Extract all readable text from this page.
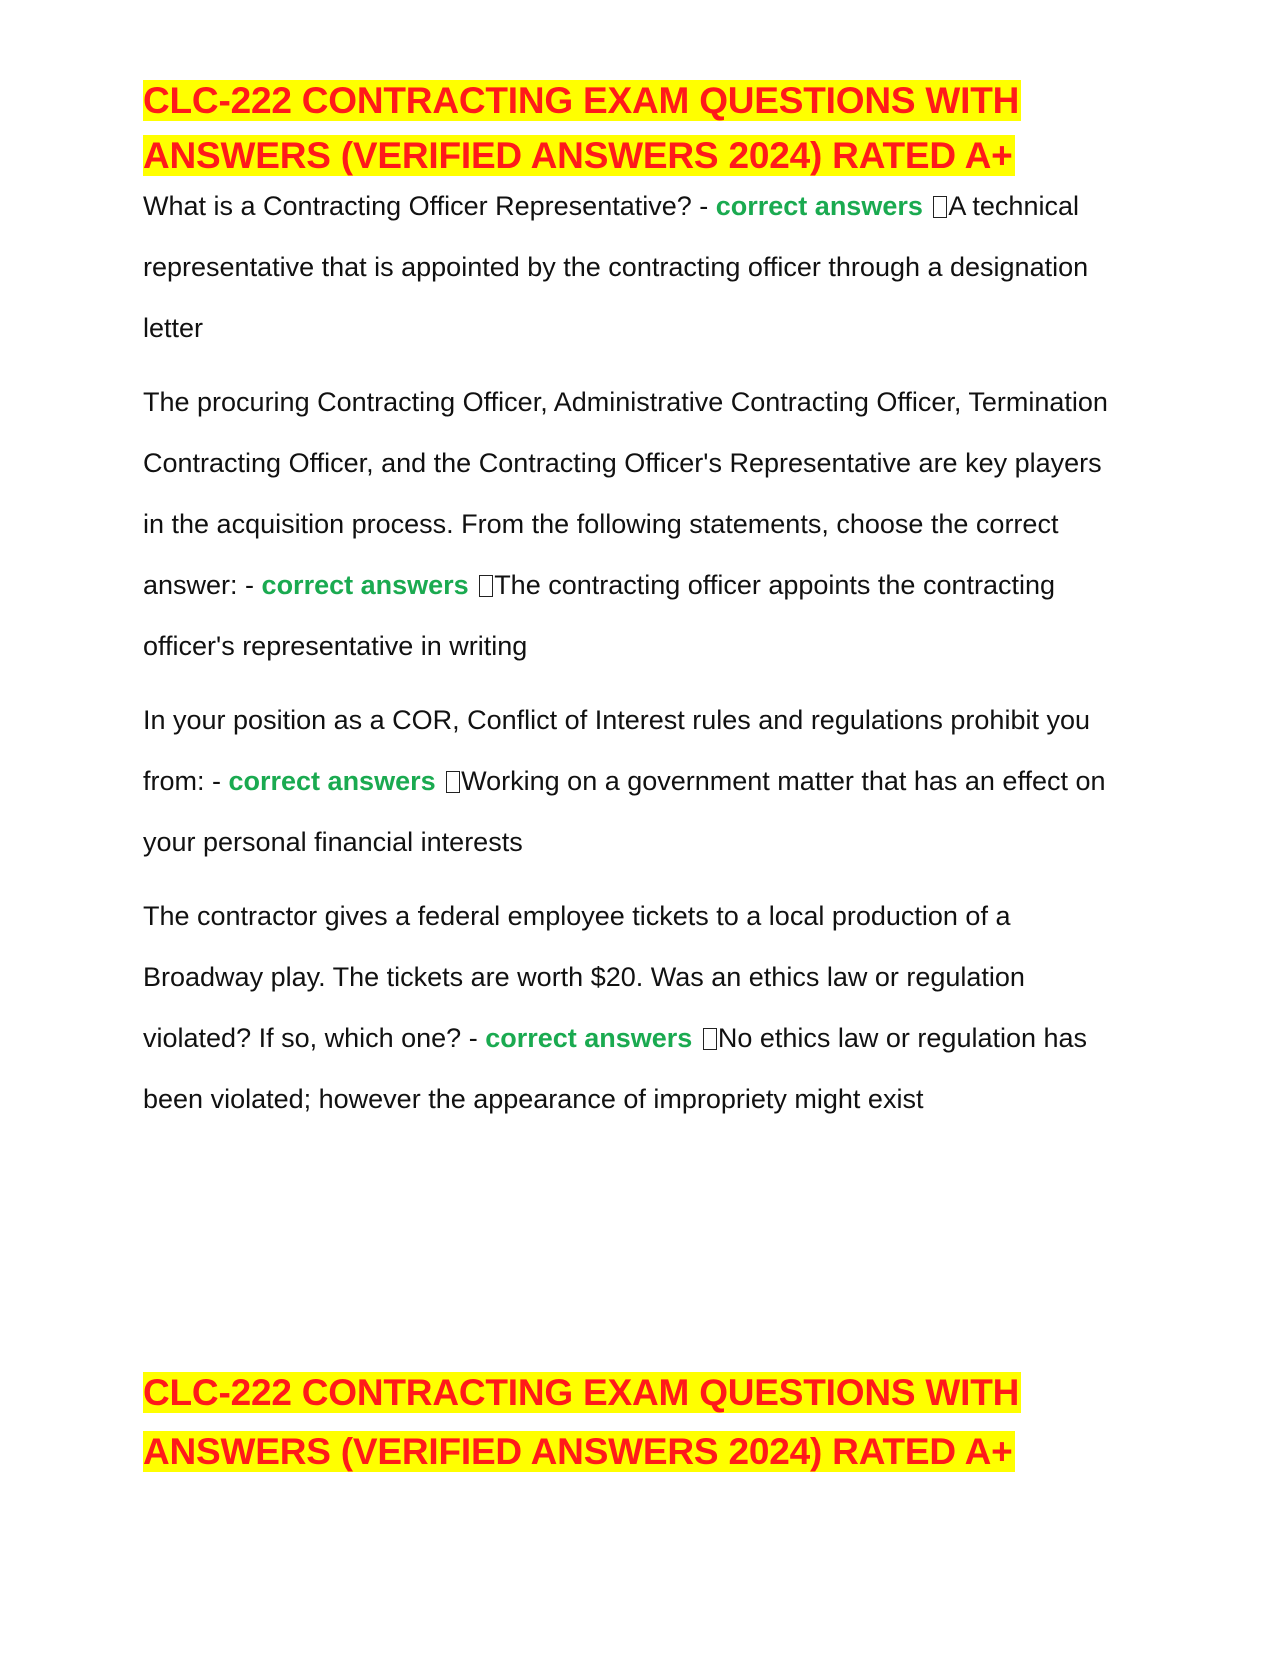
CLC-222 CONTRACTING EXAM QUESTIONS WITH ANSWERS (VERIFIED ANSWERS 2024) RATED A+

What is a Contracting Officer Representative? - correct answers A technical representative that is appointed by the contracting officer through a designation letter

The procuring Contracting Officer, Administrative Contracting Officer, Termination Contracting Officer, and the Contracting Officer's Representative are key players in the acquisition process. From the following statements, choose the correct answer: - correct answers The contracting officer appoints the contracting officer's representative in writing

In your position as a COR, Conflict of Interest rules and regulations prohibit you from: - correct answers Working on a government matter that has an effect on your personal financial interests

The contractor gives a federal employee tickets to a local production of a Broadway play. The tickets are worth $20. Was an ethics law or regulation violated? If so, which one? - correct answers No ethics law or regulation has been violated; however the appearance of impropriety might exist

CLC-222 CONTRACTING EXAM QUESTIONS WITH ANSWERS (VERIFIED ANSWERS 2024) RATED A+
